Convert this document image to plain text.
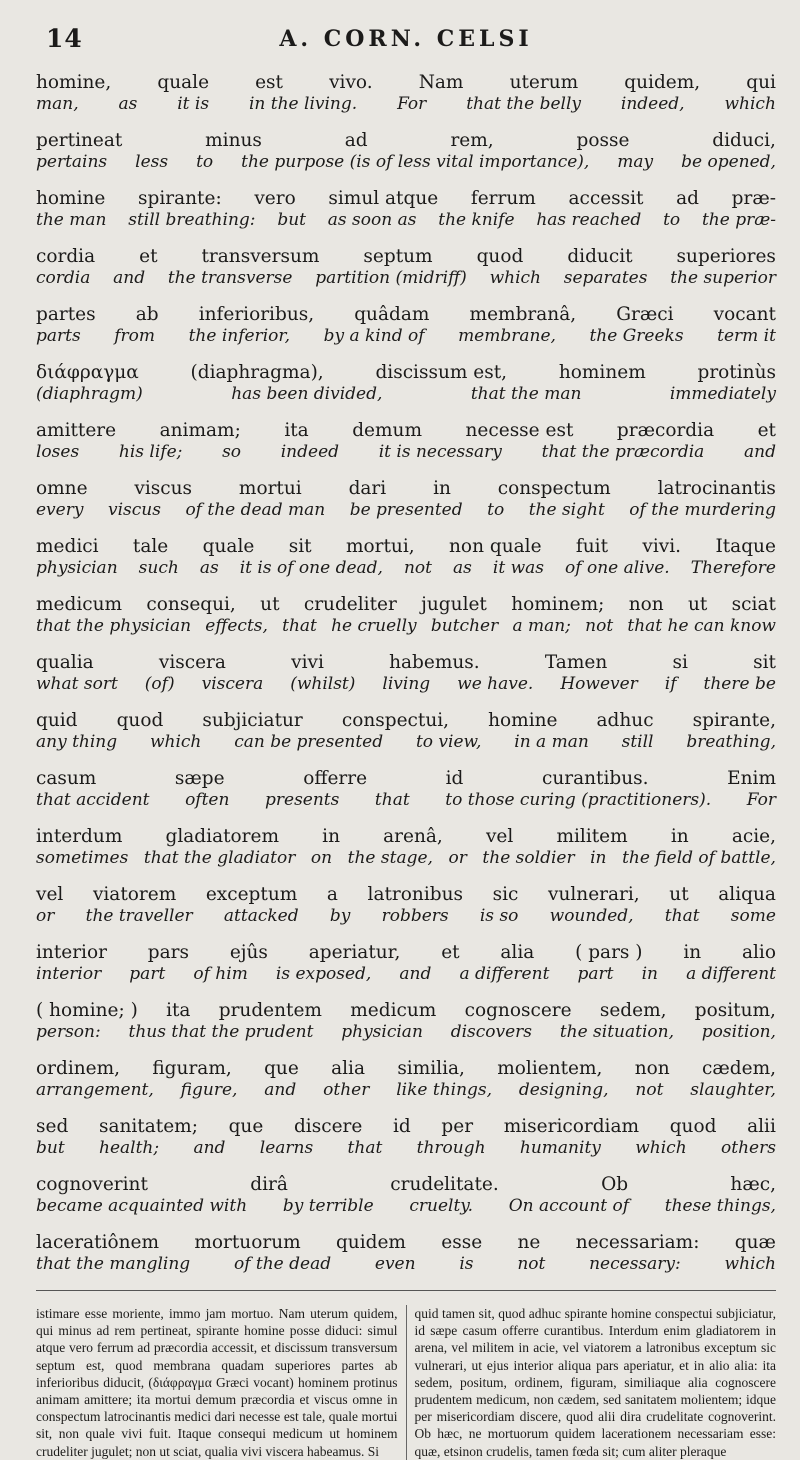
14	A. CORN. CELSI
homine, quale est vivo. Nam uterum quidem, qui
man, as it is in the living. For that the belly indeed, which
pertineat	minus	ad	rem,	posse	diduci,
pertains less to the purpose (is of less vital importance), may be opened,
homine spirante: vero simul atque ferrum accessit ad præ-
the man still breathing: but as soon as the knife has reached to the præ-
cordia et transversum septum quod diducit superiores
cordia and the transverse partition (midriff) which separates the superior
partes ab inferioribus, quâdam membranâ, Græci vocant
parts from the inferior, by a kind of membrane, the Greeks term it
διάφραγμα	(diaphragma),	discissum est,	hominem	protinùs
(diaphragm)	has been divided,	that the man	immediately
amittere animam; ita demum necesse est præcordia et
loses his life; so indeed it is necessary that the præcordia and
omne	viscus	mortui	dari	in	conspectum	latrocinantis
every viscus of the dead man be presented to the sight of the murdering
medici tale quale sit mortui, non quale fuit vivi. Itaque
physician such as it is of one dead, not as it was of one alive. Therefore
medicum consequi, ut crudeliter jugulet hominem; non ut sciat
that the physician effects, that he cruelly butcher a man; not that he can know
qualia	viscera	vivi	habemus.	Tamen	si	sit
what sort (of) viscera (whilst) living we have. However if there be
quid quod subjiciatur conspectui, homine adhuc spirante,
any thing which can be presented to view, in a man still breathing,
casum	sæpe	offerre	id	curantibus.	Enim
that accident often presents that to those curing (practitioners). For
interdum gladiatorem in arenâ, vel militem in acie,
sometimes that the gladiator on the stage, or the soldier in the field of battle,
vel viatorem exceptum a latronibus sic vulnerari, ut aliqua
or the traveller attacked by robbers is so wounded, that some
interior pars ejûs aperiatur, et alia ( pars ) in alio
interior part of him is exposed, and a different part in a different
( homine; ) ita prudentem medicum cognoscere sedem, positum,
person: thus that the prudent physician discovers the situation, position,
ordinem, figuram, que alia similia, molientem, non cædem,
arrangement, figure, and other like things, designing, not slaughter,
sed sanitatem; que discere id per misericordiam quod alii
but health; and learns that through humanity which others
cognoverint	dirâ	crudelitate.	Ob	hæc,
became acquainted with by terrible cruelty. On account of these things,
laceratiônem mortuorum quidem esse ne necessariam: quæ
that the mangling	of the dead	even	is	not	necessary:	which
istimare esse moriente, immo jam mortuo. Nam uterum quidem, qui minus ad rem pertineat, spirante homine posse diduci: simul atque vero ferrum ad præcordia accessit, et discissum transversum septum est, quod membrana quadam superiores partes ab inferioribus diducit, (διάφραγμα Græci vocant) hominem protinus animam amittere; ita mortui demum præcordia et viscus omne in conspectum latrocinantis medici dari necesse est tale, quale mortui sit, non quale vivi fuit. Itaque consequi medicum ut hominem crudeliter jugulet; non ut sciat, qualia vivi viscera habeamus. Si
quid tamen sit, quod adhuc spirante homine conspectui subjiciatur, id sæpe casum offerre curantibus. Interdum enim gladiatorem in arena, vel militem in acie, vel viatorem a latronibus exceptum sic vulnerari, ut ejus interior aliqua pars aperiatur, et in alio alia: ita sedem, positum, ordinem, figuram, similiaque alia cognoscere prudentem medicum, non cædem, sed sanitatem molientem; idque per misericordiam discere, quod alii dira crudelitate cognoverint. Ob hæc, ne mortuorum quidem lacerationem necessariam esse: quæ, etsinon crudelis, tamen fœda sit; cum aliter pleraque
